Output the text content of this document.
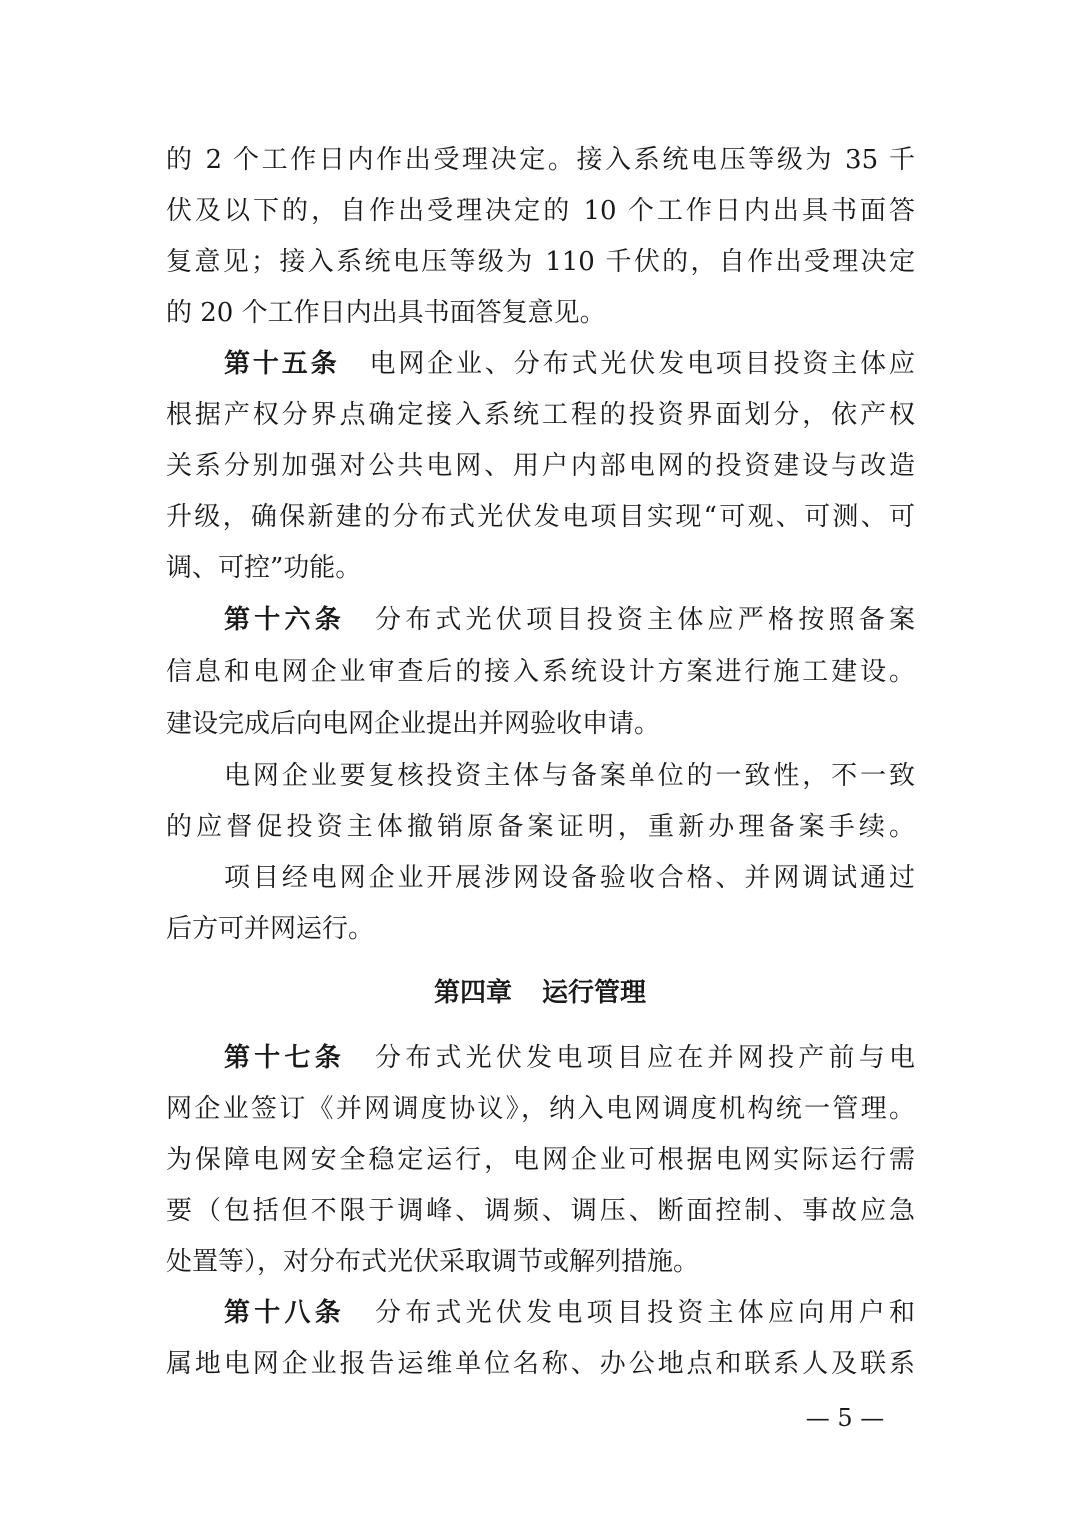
的 2 个工作日内作出受理决定。接入系统电压等级为 35 千
伏及以下的，自作出受理决定的 10 个工作日内出具书面答
复意见；接入系统电压等级为 110 千伏的，自作出受理决定
的 20 个工作日内出具书面答复意见。
第十五条 电网企业、分布式光伏发电项目投资主体应
根据产权分界点确定接入系统工程的投资界面划分，依产权
关系分别加强对公共电网、用户内部电网的投资建设与改造
升级，确保新建的分布式光伏发电项目实现“可观、可测、可
调、可控”功能。
第十六条 分布式光伏项目投资主体应严格按照备案
信息和电网企业审查后的接入系统设计方案进行施工建设。
建设完成后向电网企业提出并网验收申请。
电网企业要复核投资主体与备案单位的一致性，不一致
的应督促投资主体撤销原备案证明，重新办理备案手续。
项目经电网企业开展涉网设备验收合格、并网调试通过
后方可并网运行。
第四章 运行管理
第十七条 分布式光伏发电项目应在并网投产前与电
网企业签订《并网调度协议》，纳入电网调度机构统一管理。
为保障电网安全稳定运行，电网企业可根据电网实际运行需
要（包括但不限于调峰、调频、调压、断面控制、事故应急
处置等），对分布式光伏采取调节或解列措施。
第十八条 分布式光伏发电项目投资主体应向用户和
属地电网企业报告运维单位名称、办公地点和联系人及联系
— 5 —
